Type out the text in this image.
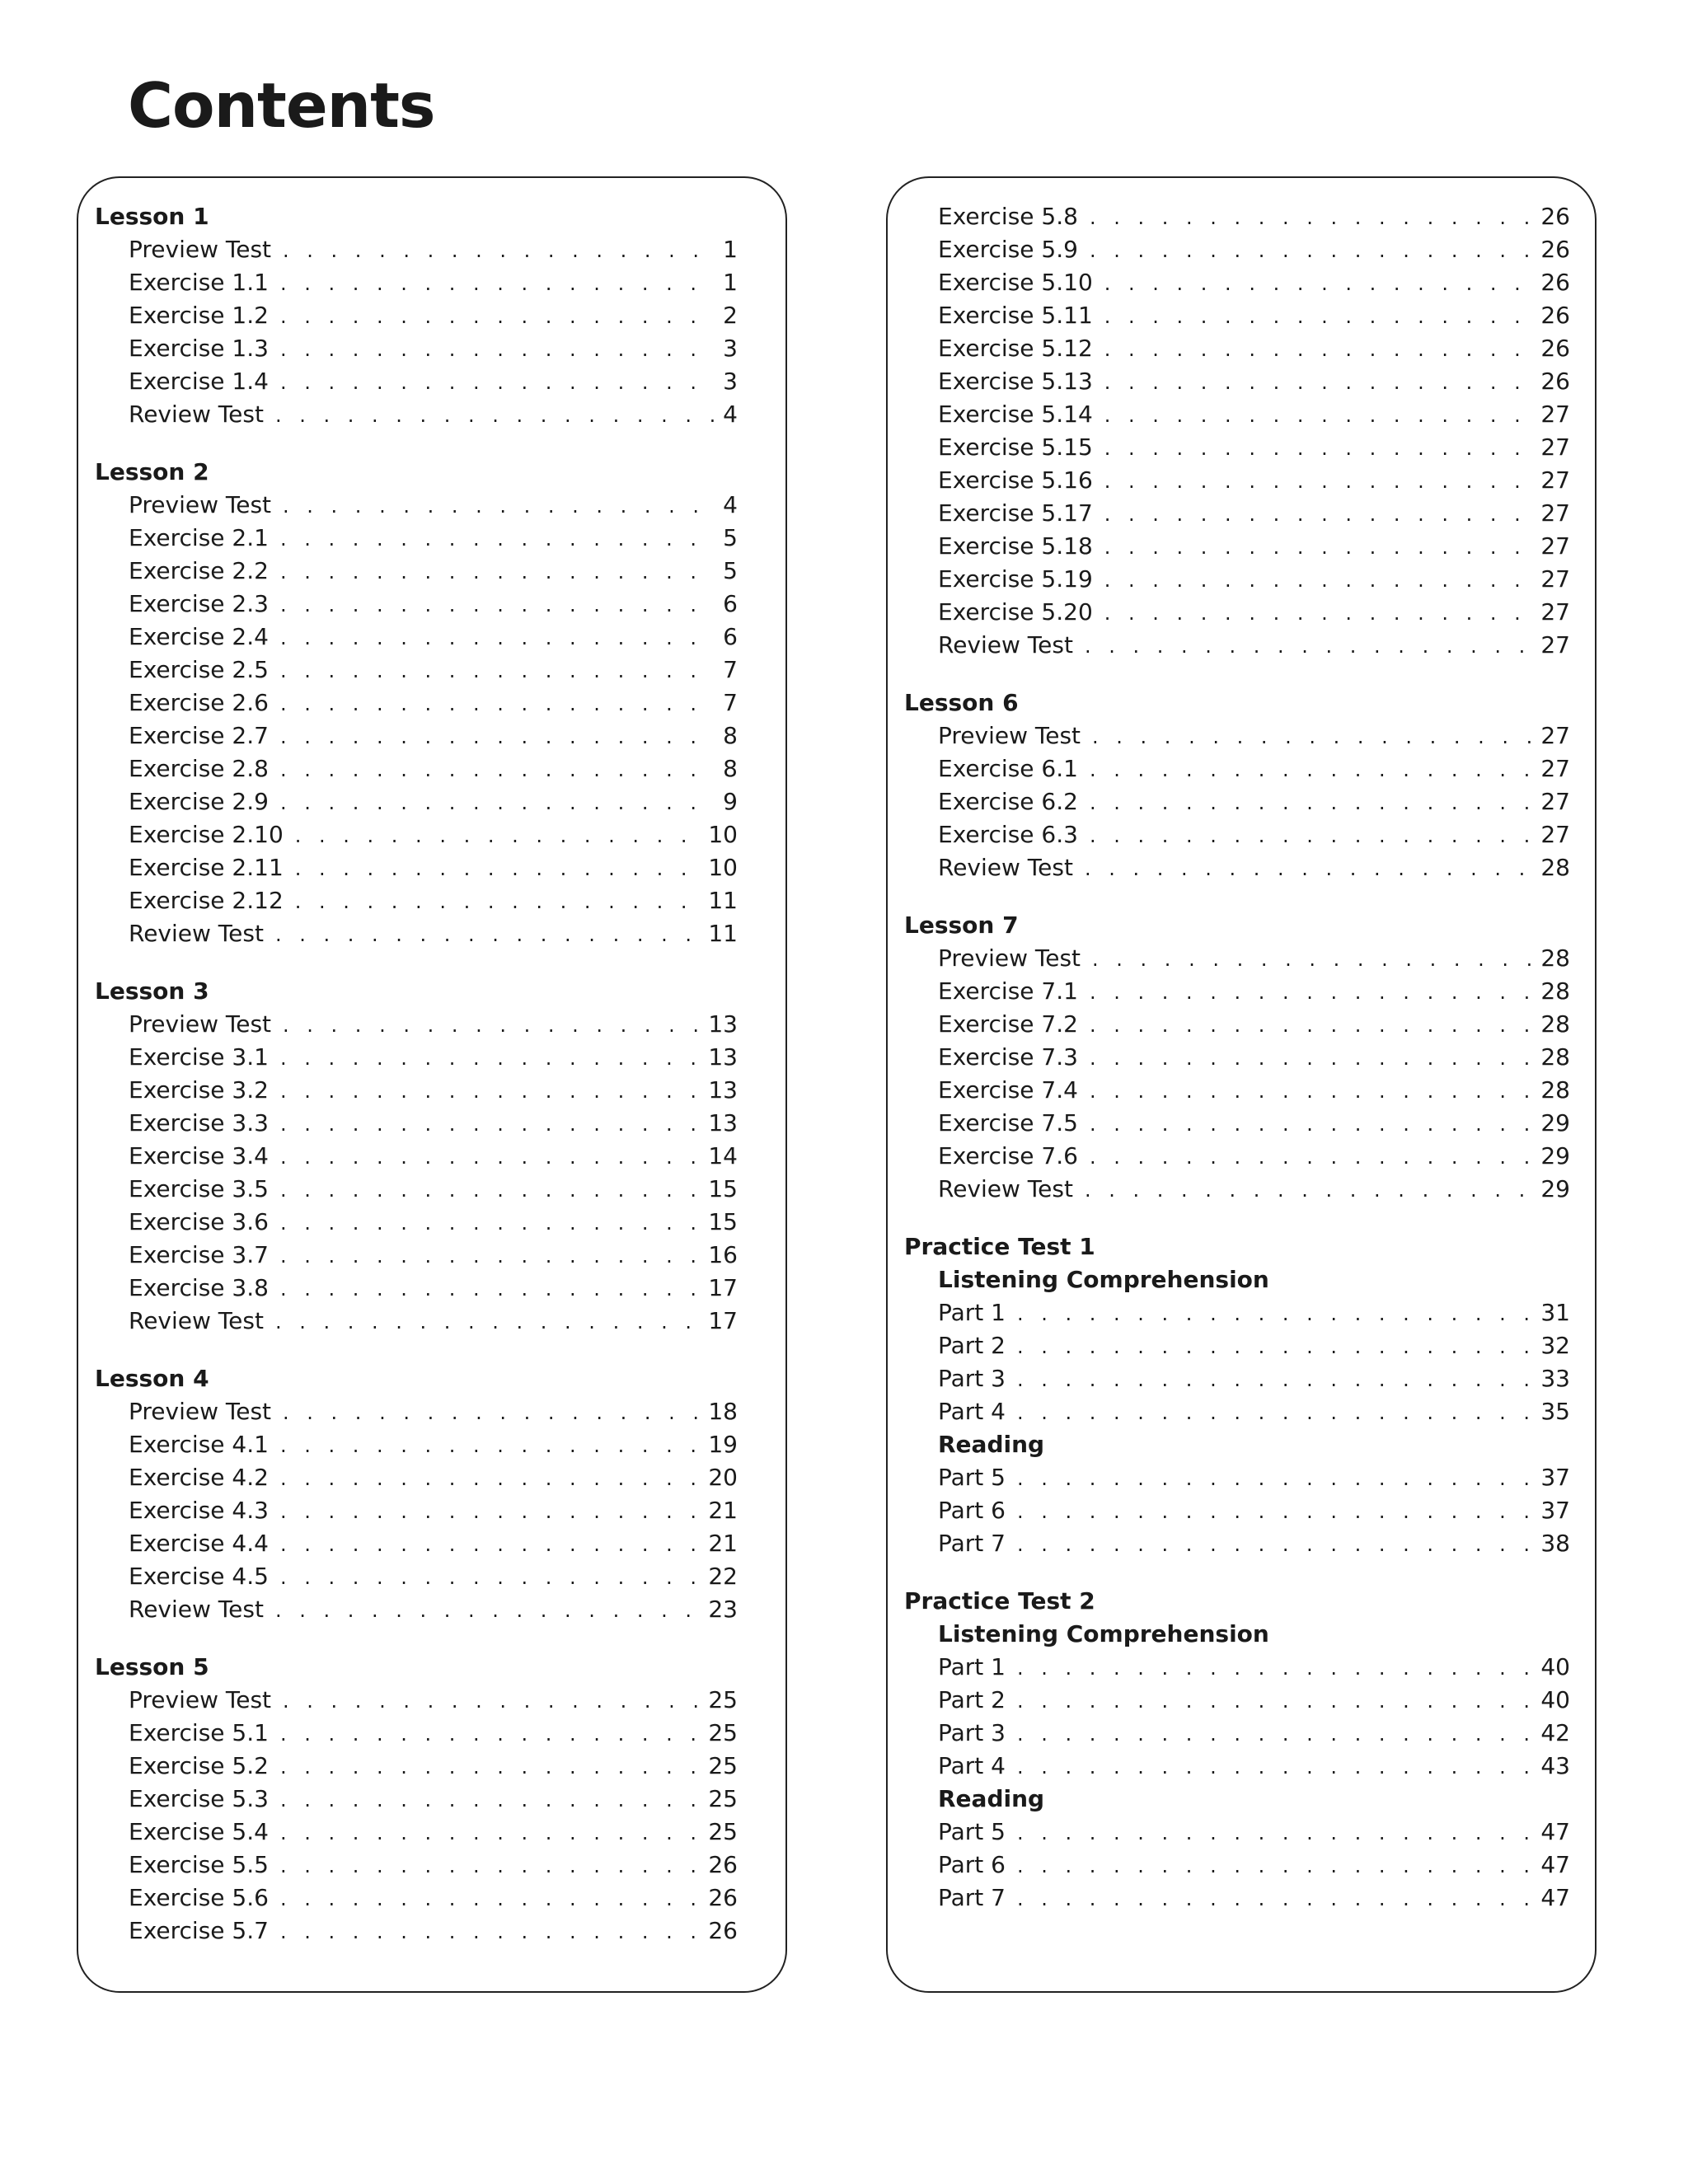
Contents
Lesson 1
Preview Test . . .	1
Exercise 1.1 . . .	1
Exercise 1.2 . . .	2
Exercise 1.3 . . .	3
Exercise 1.4 . . .	3
Review Test . . .	4
Lesson 2
Preview Test . . .	4
Exercise 2.1 . . .	5
Exercise 2.2 . . .	5
Exercise 2.3 . . .	6
Exercise 2.4 . . .	6
Exercise 2.5 . . .	7
Exercise 2.6 . . .	7
Exercise 2.7 . . .	8
Exercise 2.8 . . .	8
Exercise 2.9 . . .	9
Exercise 2.10 . . .	10
Exercise 2.11 . . .	10
Exercise 2.12 . . .	11
Review Test . . .	11
Lesson 3
Preview Test . . .	13
Exercise 3.1 . . .	13
Exercise 3.2 . . .	13
Exercise 3.3 . . .	13
Exercise 3.4 . . .	14
Exercise 3.5 . . .	15
Exercise 3.6 . . .	15
Exercise 3.7 . . .	16
Exercise 3.8 . . .	17
Review Test . . .	17
Lesson 4
Preview Test . . .	18
Exercise 4.1 . . .	19
Exercise 4.2 . . .	20
Exercise 4.3 . . .	21
Exercise 4.4 . . .	21
Exercise 4.5 . . .	22
Review Test . . .	23
Lesson 5
Preview Test . . .	25
Exercise 5.1 . . .	25
Exercise 5.2 . . .	25
Exercise 5.3 . . .	25
Exercise 5.4 . . .	25
Exercise 5.5 . . .	26
Exercise 5.6 . . .	26
Exercise 5.7 . . .	26
Exercise 5.8 . . .	26
Exercise 5.9 . . .	26
Exercise 5.10 . . .	26
Exercise 5.11 . . .	26
Exercise 5.12 . . .	26
Exercise 5.13 . . .	26
Exercise 5.14 . . .	27
Exercise 5.15 . . .	27
Exercise 5.16 . . .	27
Exercise 5.17 . . .	27
Exercise 5.18 . . .	27
Exercise 5.19 . . .	27
Exercise 5.20 . . .	27
Review Test . . .	27
Lesson 6
Preview Test . . .	27
Exercise 6.1 . . .	27
Exercise 6.2 . . .	27
Exercise 6.3 . . .	27
Review Test . . .	28
Lesson 7
Preview Test . . .	28
Exercise 7.1 . . .	28
Exercise 7.2 . . .	28
Exercise 7.3 . . .	28
Exercise 7.4 . . .	28
Exercise 7.5 . . .	29
Exercise 7.6 . . .	29
Review Test . . .	29
Practice Test 1
Listening Comprehension
Part 1 . . .	31
Part 2 . . .	32
Part 3 . . .	33
Part 4 . . .	35
Reading
Part 5 . . .	37
Part 6 . . .	37
Part 7 . . .	38
Practice Test 2
Listening Comprehension
Part 1 . . .	40
Part 2 . . .	40
Part 3 . . .	42
Part 4 . . .	43
Reading
Part 5 . . .	47
Part 6 . . .	47
Part 7 . . .	47
